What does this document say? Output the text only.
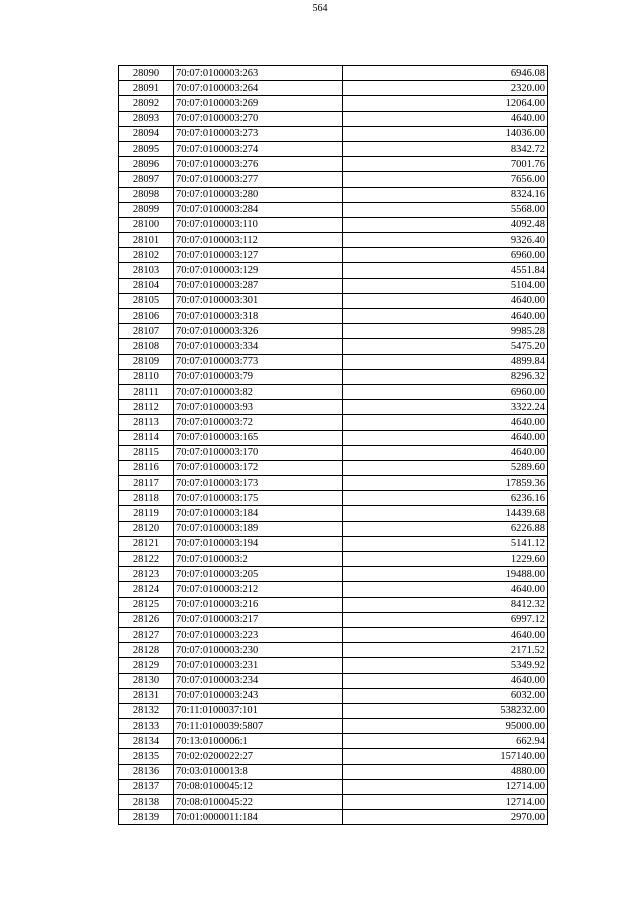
564
28090	70:07:0100003:263	6946.08
28091	70:07:0100003:264	2320.00
28092	70:07:0100003:269	12064.00
28093	70:07:0100003:270	4640.00
28094	70:07:0100003:273	14036.00
28095	70:07:0100003:274	8342.72
28096	70:07:0100003:276	7001.76
28097	70:07:0100003:277	7656.00
28098	70:07:0100003:280	8324.16
28099	70:07:0100003:284	5568.00
28100	70:07:0100003:110	4092.48
28101	70:07:0100003:112	9326.40
28102	70:07:0100003:127	6960.00
28103	70:07:0100003:129	4551.84
28104	70:07:0100003:287	5104.00
28105	70:07:0100003:301	4640.00
28106	70:07:0100003:318	4640.00
28107	70:07:0100003:326	9985.28
28108	70:07:0100003:334	5475.20
28109	70:07:0100003:773	4899.84
28110	70:07:0100003:79	8296.32
28111	70:07:0100003:82	6960.00
28112	70:07:0100003:93	3322.24
28113	70:07:0100003:72	4640.00
28114	70:07:0100003:165	4640.00
28115	70:07:0100003:170	4640.00
28116	70:07:0100003:172	5289.60
28117	70:07:0100003:173	17859.36
28118	70:07:0100003:175	6236.16
28119	70:07:0100003:184	14439.68
28120	70:07:0100003:189	6226.88
28121	70:07:0100003:194	5141.12
28122	70:07:0100003:2	1229.60
28123	70:07:0100003:205	19488.00
28124	70:07:0100003:212	4640.00
28125	70:07:0100003:216	8412.32
28126	70:07:0100003:217	6997.12
28127	70:07:0100003:223	4640.00
28128	70:07:0100003:230	2171.52
28129	70:07:0100003:231	5349.92
28130	70:07:0100003:234	4640.00
28131	70:07:0100003:243	6032.00
28132	70:11:0100037:101	538232.00
28133	70:11:0100039:5807	95000.00
28134	70:13:0100006:1	662.94
28135	70:02:0200022:27	157140.00
28136	70:03:0100013:8	4880.00
28137	70:08:0100045:12	12714.00
28138	70:08:0100045:22	12714.00
28139	70:01:0000011:184	2970.00
